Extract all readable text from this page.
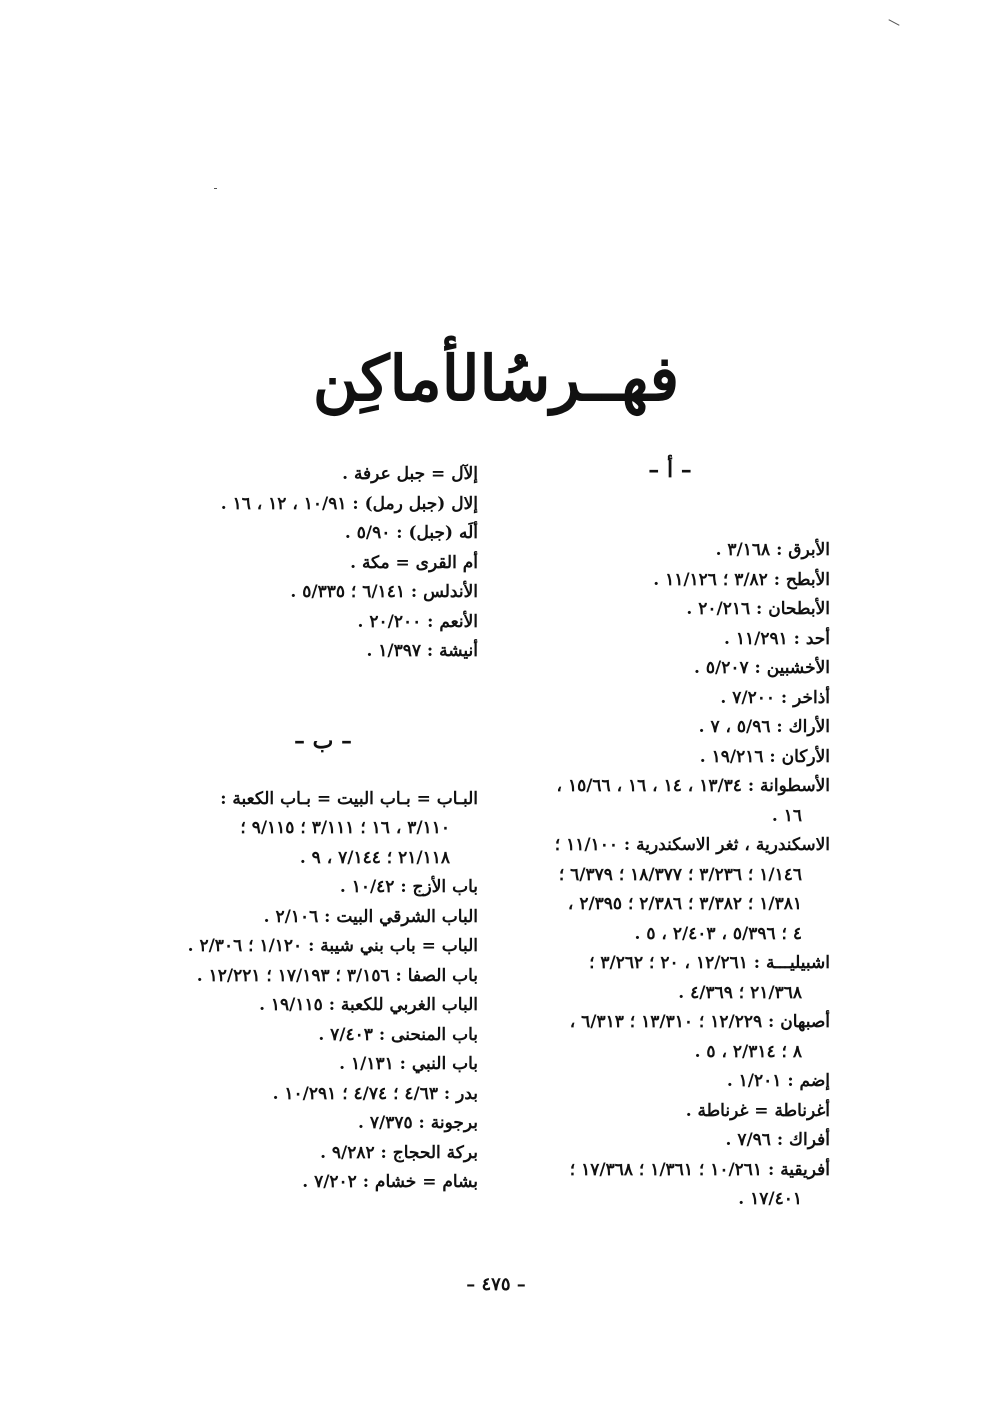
فهــرسُالأماكِن
– أ –
– ب –
الأبرق : ٣/١٦٨ .
الأبطح : ٣/٨٢ ؛ ١١/١٢٦ .
الأبطحان : ٢٠/٢١٦ .
أحد : ١١/٢٩١ .
الأخشبين : ٥/٢٠٧ .
أذاخر : ٧/٢٠٠ .
الأراك : ٥/٩٦ ، ٧ .
الأركان : ١٩/٢١٦ .
الأسطوانة : ١٣/٣٤ ، ١٤ ، ١٦ ، ١٥/٦٦ ،
١٦ .
الاسكندرية ، ثغر الاسكندرية : ١١/١٠٠ ؛
١/١٤٦ ؛ ٣/٢٣٦ ؛ ١٨/٣٧٧ ؛ ٦/٣٧٩ ؛
١/٣٨١ ؛ ٣/٣٨٢ ؛ ٢/٣٨٦ ؛ ٢/٣٩٥ ،
٤ ؛ ٥/٣٩٦ ، ٢/٤٠٣ ، ٥ .
اشبيليـــة : ١٢/٢٦١ ، ٢٠ ؛ ٣/٢٦٢ ؛
٢١/٣٦٨ ؛ ٤/٣٦٩ .
أصبهان : ١٢/٢٢٩ ؛ ١٣/٣١٠ ؛ ٦/٣١٣ ،
٨ ؛ ٢/٣١٤ ، ٥ .
إضم : ١/٢٠١ .
أغرناطة = غرناطة .
أفراك : ٧/٩٦ .
أفريقية : ١٠/٢٦١ ؛ ١/٣٦١ ؛ ١٧/٣٦٨ ؛
١٧/٤٠١ .
إلآل = جبل عرفة .
إلال (جبل رمل) : ١٠/٩١ ، ١٢ ، ١٦ .
ألَه (جبل) : ٥/٩٠ .
أم القرى = مكة .
الأندلس : ٦/١٤١ ؛ ٥/٣٣٥ .
الأنعم : ٢٠/٢٠٠ .
أنيشة : ١/٣٩٧ .
البـاب = بـاب البيت = بـاب الكعبة :
٣/١١٠ ، ١٦ ؛ ٣/١١١ ؛ ٩/١١٥ ؛
٢١/١١٨ ؛ ٧/١٤٤ ، ٩ .
باب الأزج : ١٠/٤٢ .
الباب الشرقي البيت : ٢/١٠٦ .
الباب = باب بني شيبة : ١/١٢٠ ؛ ٢/٣٠٦ .
باب الصفا : ٣/١٥٦ ؛ ١٧/١٩٣ ؛ ١٢/٢٢١ .
الباب الغربي للكعبة : ١٩/١١٥ .
باب المنحنى : ٧/٤٠٣ .
باب النبي : ١/١٣١ .
بدر : ٤/٦٣ ؛ ٤/٧٤ ؛ ١٠/٢٩١ .
برجونة : ٧/٣٧٥ .
بركة الحجاج : ٩/٢٨٢ .
بشام = خشام : ٧/٢٠٢ .
– ٤٧٥ –
